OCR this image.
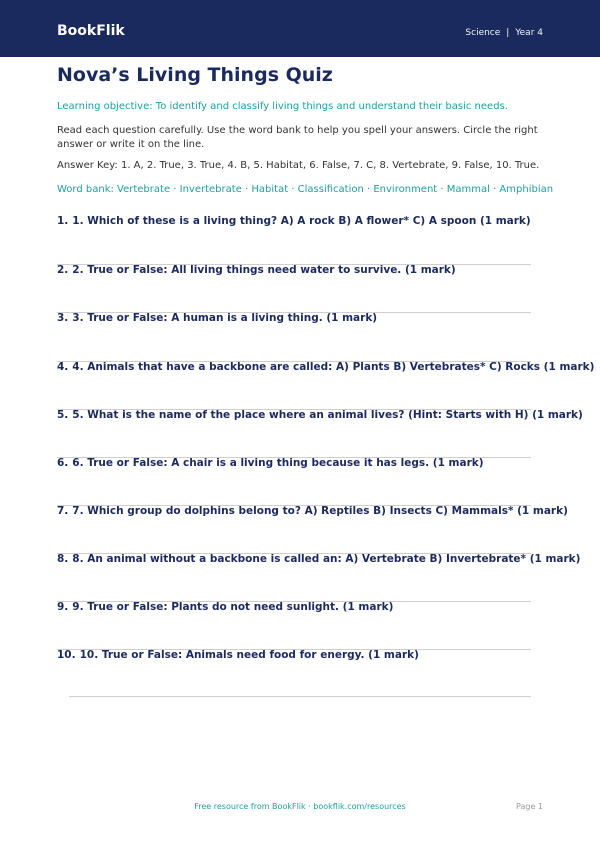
BookFlik	Science | Year 4
Nova’s Living Things Quiz
Learning objective: To identify and classify living things and understand their basic needs.
Read each question carefully. Use the word bank to help you spell your answers. Circle the right answer or write it on the line.
Answer Key: 1. A, 2. True, 3. True, 4. B, 5. Habitat, 6. False, 7. C, 8. Vertebrate, 9. False, 10. True.
Word bank: Vertebrate · Invertebrate · Habitat · Classification · Environment · Mammal · Amphibian
1. 1. Which of these is a living thing? A) A rock B) A flower* C) A spoon (1 mark)
2. 2. True or False: All living things need water to survive. (1 mark)
3. 3. True or False: A human is a living thing. (1 mark)
4. 4. Animals that have a backbone are called: A) Plants B) Vertebrates* C) Rocks (1 mark)
5. 5. What is the name of the place where an animal lives? (Hint: Starts with H) (1 mark)
6. 6. True or False: A chair is a living thing because it has legs. (1 mark)
7. 7. Which group do dolphins belong to? A) Reptiles B) Insects C) Mammals* (1 mark)
8. 8. An animal without a backbone is called an: A) Vertebrate B) Invertebrate* (1 mark)
9. 9. True or False: Plants do not need sunlight. (1 mark)
10. 10. True or False: Animals need food for energy. (1 mark)
Free resource from BookFlik · bookflik.com/resources	Page 1
